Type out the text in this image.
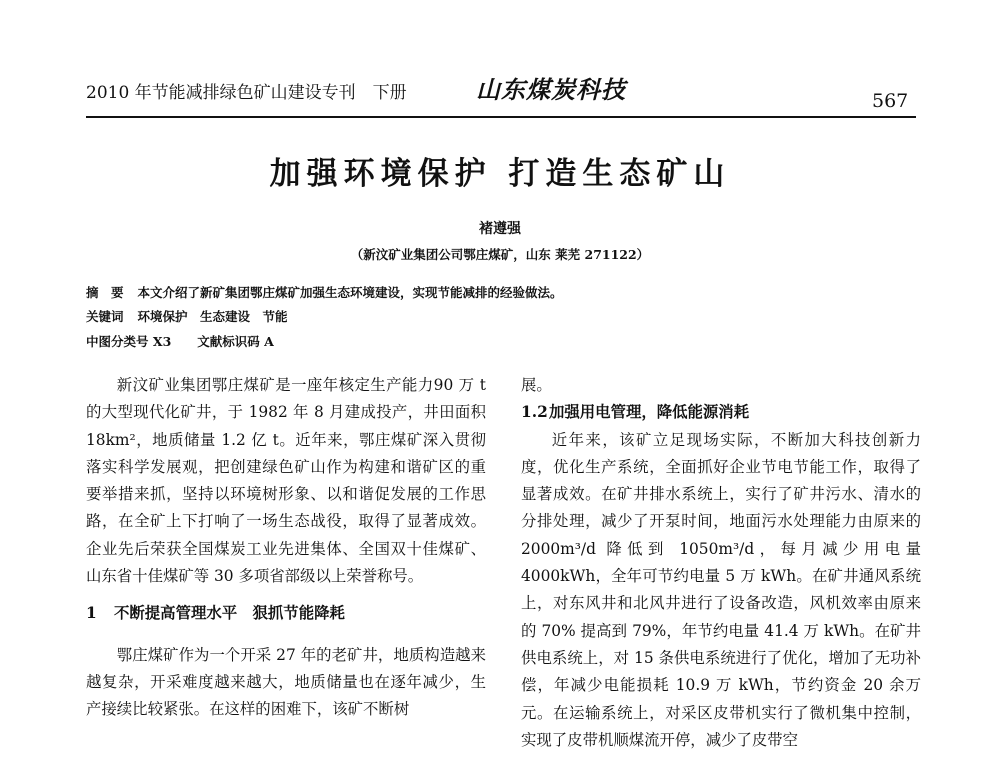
2010 年节能减排绿色矿山建设专刊　下册	山东煤炭科技	567
加强环境保护 打造生态矿山
褚遵强
（新汶矿业集团公司鄂庄煤矿，山东 莱芜 271122）
摘　要 本文介绍了新矿集团鄂庄煤矿加强生态环境建设，实现节能减排的经验做法。
关键词 环境保护　生态建设　节能
中图分类号 X3 文献标识码 A

新汶矿业集团鄂庄煤矿是一座年核定生产能力90 万 t 的大型现代化矿井，于 1982 年 8 月建成投产，井田面积18km²，地质储量 1.2 亿 t。近年来，鄂庄煤矿深入贯彻落实科学发展观，把创建绿色矿山作为构建和谐矿区的重要举措来抓，坚持以环境树形象、以和谐促发展的工作思路，在全矿上下打响了一场生态战役，取得了显著成效。企业先后荣获全国煤炭工业先进集体、全国双十佳煤矿、山东省十佳煤矿等 30 多项省部级以上荣誉称号。

1 不断提高管理水平　狠抓节能降耗

鄂庄煤矿作为一个开采 27 年的老矿井，地质构造越来越复杂，开采难度越来越大，地质储量也在逐年减少，生产接续比较紧张。在这样的困难下，该矿不断树

展。

1.2加强用电管理，降低能源消耗

近年来，该矿立足现场实际，不断加大科技创新力度，优化生产系统，全面抓好企业节电节能工作，取得了显著成效。在矿井排水系统上，实行了矿井污水、清水的分排处理，减少了开泵时间，地面污水处理能力由原来的 2000m³/d 降低到 1050m³/d，每月减少用电量 4000kWh，全年可节约电量 5 万 kWh。在矿井通风系统上，对东风井和北风井进行了设备改造，风机效率由原来的 70% 提高到 79%，年节约电量 41.4 万 kWh。在矿井供电系统上，对 15 条供电系统进行了优化，增加了无功补偿，年减少电能损耗 10.9 万 kWh，节约资金 20 余万元。在运输系统上，对采区皮带机实行了微机集中控制，实现了皮带机顺煤流开停，减少了皮带空
